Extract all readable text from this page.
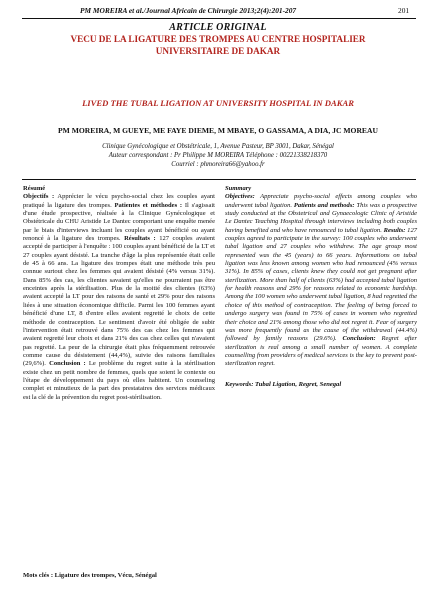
PM MOREIRA et al./Journal Africain de Chirurgie 2013;2(4):201-207	201
ARTICLE ORIGINAL
VECU DE LA LIGATURE DES TROMPES AU CENTRE HOSPITALIER UNIVERSITAIRE DE DAKAR
LIVED THE TUBAL LIGATION AT UNIVERSITY HOSPITAL IN DAKAR
PM MOREIRA, M GUEYE, ME FAYE DIEME, M MBAYE, O GASSAMA, A DIA, JC MOREAU
Clinique Gynécologique et Obstétricale, 1, Avenue Pasteur, BP 3001, Dakar, Sénégal
Auteur correspondant : Pr Philippe M MOREIRA Téléphone : 00221338218370
Courriel : phmoreira66@yahoo.fr
Résumé
Objectifs : Apprécier le vécu psycho-social chez les couples ayant pratiqué la ligature des trompes. Patientes et méthodes : Il s'agissait d'une étude prospective, réalisée à la Clinique Gynécologique et Obstétricale du CHU Aristide Le Dantec comportant une enquête menée par le biais d'interviews incluant les couples ayant bénéficié ou ayant renoncé à la ligature des trompes. Résultats : 127 couples avaient accepté de participer à l'enquête : 100 couples ayant bénéficié de la LT et 27 couples ayant désisté. La tranche d'âge la plus représentée était celle de 45 à 66 ans. La ligature des trompes était une méthode très peu connue surtout chez les femmes qui avaient désisté (4% versus 31%). Dans 85% des cas, les clientes savaient qu'elles ne pourraient pas être enceintes après la stérilisation. Plus de la moitié des clientes (63%) avaient accepté la LT pour des raisons de santé et 29% pour des raisons liées à une situation économique difficile. Parmi les 100 femmes ayant bénéficié d'une LT, 8 d'entre elles avaient regretté le choix de cette méthode de contraception. Le sentiment d'avoir été obligée de subir l'intervention était retrouvé dans 75% des cas chez les femmes qui avaient regretté leur choix et dans 21% des cas chez celles qui n'avaient pas regretté. La peur de la chirurgie était plus fréquemment retrouvée comme cause du désistement (44,4%), suivie des raisons familiales (29,6%). Conclusion : Le problème du regret suite à la stérilisation existe chez un petit nombre de femmes, quels que soient le contexte ou l'étape de développement du pays où elles habitent. Un counseling complet et minutieux de la part des prestataires des services médicaux est la clé de la prévention du regret post-stérilisation.
Summary
Objectives: Appreciate psycho-social effects among couples who underwent tubal ligation. Patients and methods: This was a prospective study conducted at the Obstetrical and Gynaecologic Clinic of Aristide Le Dantec Teaching Hospital through interviews including both couples having benefited and who have renounced to tubal ligation. Results: 127 couples agreed to participate in the survey: 100 couples who underwent tubal ligation and 27 couples who withdrew. The age group most represented was the 45 (years) to 66 years. Informations on tubal ligation was less known among women who had renounced (4% versus 31%). In 85% of cases, clients knew they could not get pregnant after sterilization. More than half of clients (63%) had accepted tubal ligation for health reasons and 29% for reasons related to economic hardship. Among the 100 women who underwent tubal ligation, 8 had regretted the choice of this method of contraception. The feeling of being forced to undergo surgery was found in 75% of cases in women who regretted their choice and 21% among those who did not regret it. Fear of surgery was more frequently found as the cause of the withdrawal (44.4%) followed by family reasons (29.6%). Conclusion: Regret after sterilization is real among a small number of women. A complete counselling from providers of medical services is the key to prevent post-sterilization regret.
Keywords: Tubal Ligation, Regret, Senegal
Mots clés : Ligature des trompes, Vécu, Sénégal
